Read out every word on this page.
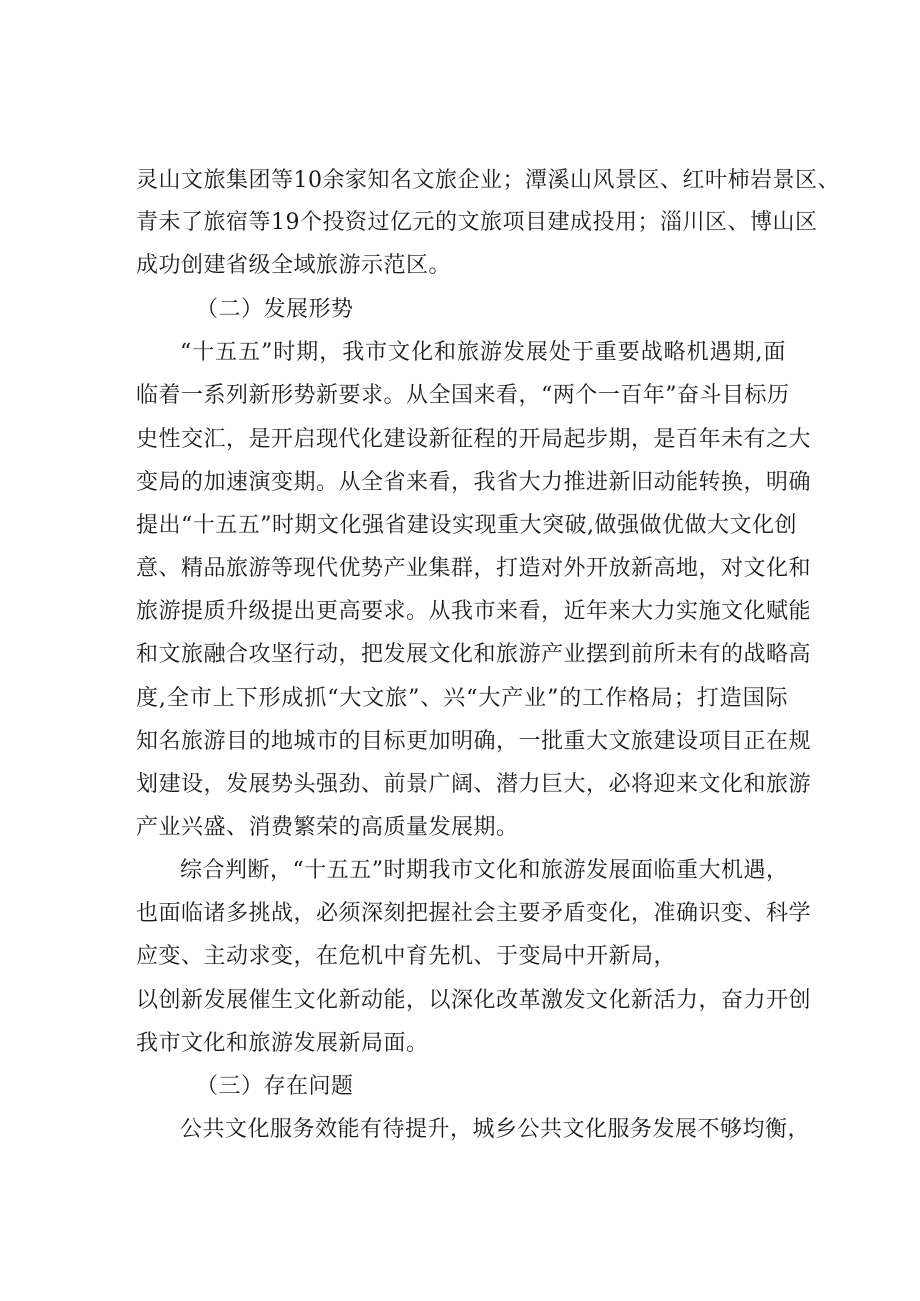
灵山文旅集团等10余家知名文旅企业；潭溪山风景区、红叶柿岩景区、
青未了旅宿等19个投资过亿元的文旅项目建成投用；淄川区、博山区
成功创建省级全域旅游示范区。
（二）发展形势
“十五五”时期，我市文化和旅游发展处于重要战略机遇期,面
临着一系列新形势新要求。从全国来看，“两个一百年”奋斗目标历
史性交汇，是开启现代化建设新征程的开局起步期，是百年未有之大
变局的加速演变期。从全省来看，我省大力推进新旧动能转换，明确
提出“十五五”时期文化强省建设实现重大突破,做强做优做大文化创
意、精品旅游等现代优势产业集群，打造对外开放新高地，对文化和
旅游提质升级提出更高要求。从我市来看，近年来大力实施文化赋能
和文旅融合攻坚行动，把发展文化和旅游产业摆到前所未有的战略高
度,全市上下形成抓“大文旅”、兴“大产业”的工作格局；打造国际
知名旅游目的地城市的目标更加明确，一批重大文旅建设项目正在规
划建设，发展势头强劲、前景广阔、潜力巨大，必将迎来文化和旅游
产业兴盛、消费繁荣的高质量发展期。
综合判断，“十五五”时期我市文化和旅游发展面临重大机遇，
也面临诸多挑战，必须深刻把握社会主要矛盾变化，准确识变、科学
应变、主动求变，在危机中育先机、于变局中开新局，
以创新发展催生文化新动能，以深化改革激发文化新活力，奋力开创
我市文化和旅游发展新局面。
（三）存在问题
公共文化服务效能有待提升，城乡公共文化服务发展不够均衡，
